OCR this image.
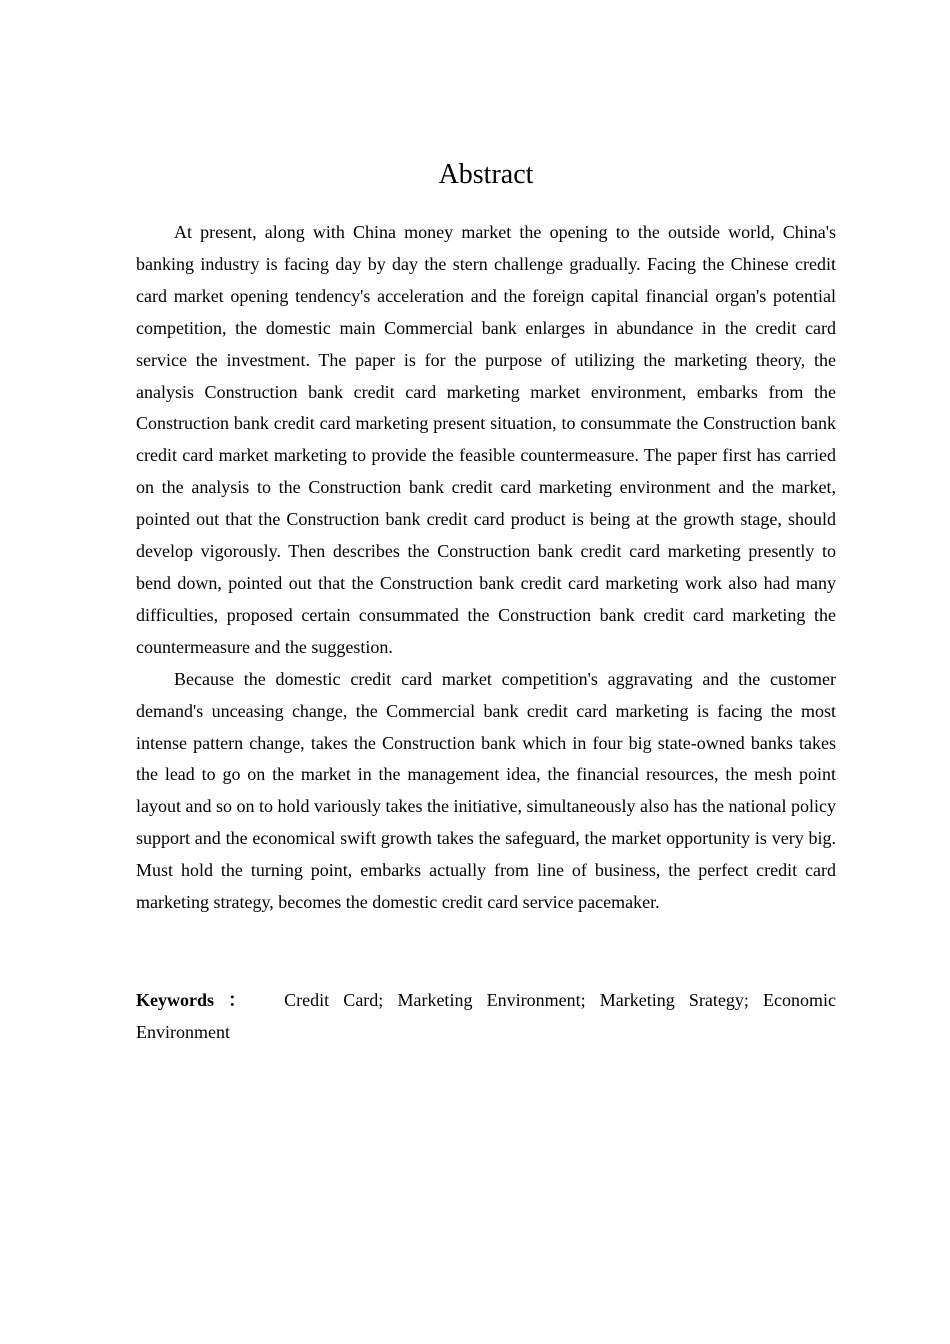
Abstract

At present, along with China money market the opening to the outside world, China's banking industry is facing day by day the stern challenge gradually. Facing the Chinese credit card market opening tendency's acceleration and the foreign capital financial organ's potential competition, the domestic main Commercial bank enlarges in abundance in the credit card service the investment. The paper is for the purpose of utilizing the marketing theory, the analysis Construction bank credit card marketing market environment, embarks from the Construction bank credit card marketing present situation, to consummate the Construction bank credit card market marketing to provide the feasible countermeasure. The paper first has carried on the analysis to the Construction bank credit card marketing environment and the market, pointed out that the Construction bank credit card product is being at the growth stage, should develop vigorously. Then describes the Construction bank credit card marketing presently to bend down, pointed out that the Construction bank credit card marketing work also had many difficulties, proposed certain consummated the Construction bank credit card marketing the countermeasure and the suggestion.

Because the domestic credit card market competition's aggravating and the customer demand's unceasing change, the Commercial bank credit card marketing is facing the most intense pattern change, takes the Construction bank which in four big state-owned banks takes the lead to go on the market in the management idea, the financial resources, the mesh point layout and so on to hold variously takes the initiative, simultaneously also has the national policy support and the economical swift growth takes the safeguard, the market opportunity is very big. Must hold the turning point, embarks actually from line of business, the perfect credit card marketing strategy, becomes the domestic credit card service pacemaker.

Keywords ： Credit Card; Marketing Environment; Marketing Srategy; Economic Environment
